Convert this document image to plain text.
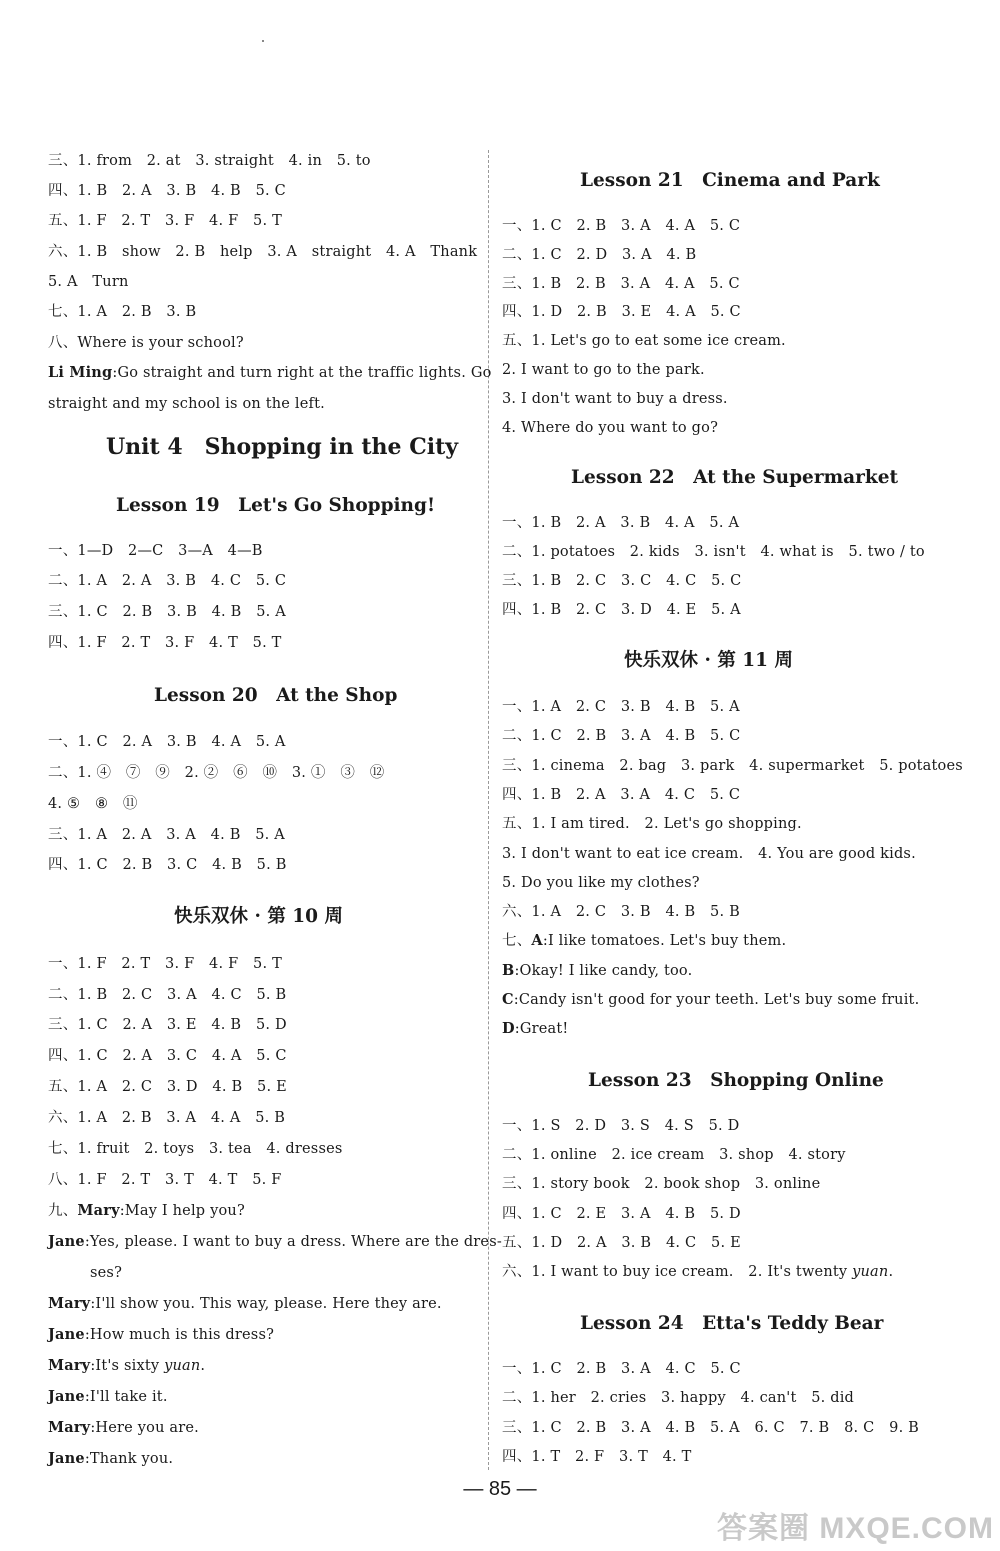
三、1. from　2. at　3. straight　4. in　5. to
四、1. B　2. A　3. B　4. B　5. C
五、1. F　2. T　3. F　4. F　5. T
六、1. B　show　2. B　help　3. A　straight　4. A　Thank
5. A　Turn
七、1. A　2. B　3. B
八、Where is your school?
Li Ming:Go straight and turn right at the traffic lights. Go
straight and my school is on the left.
Unit 4　Shopping in the City
Lesson 19　Let's Go Shopping!
一、1—D　2—C　3—A　4—B
二、1. A　2. A　3. B　4. C　5. C
三、1. C　2. B　3. B　4. B　5. A
四、1. F　2. T　3. F　4. T　5. T
Lesson 20　At the Shop
一、1. C　2. A　3. B　4. A　5. A
二、1. ④　⑦　⑨　2. ②　⑥　⑩　3. ①　③　⑫
4. ⑤　⑧　⑪
三、1. A　2. A　3. A　4. B　5. A
四、1. C　2. B　3. C　4. B　5. B
快乐双休 · 第 10 周
一、1. F　2. T　3. F　4. F　5. T
二、1. B　2. C　3. A　4. C　5. B
三、1. C　2. A　3. E　4. B　5. D
四、1. C　2. A　3. C　4. A　5. C
五、1. A　2. C　3. D　4. B　5. E
六、1. A　2. B　3. A　4. A　5. B
七、1. fruit　2. toys　3. tea　4. dresses
八、1. F　2. T　3. T　4. T　5. F
九、Mary:May I help you?
Jane:Yes, please. I want to buy a dress. Where are the dres-
ses?
Mary:I'll show you. This way, please. Here they are.
Jane:How much is this dress?
Mary:It's sixty yuan.
Jane:I'll take it.
Mary:Here you are.
Jane:Thank you.
Lesson 21　Cinema and Park
一、1. C　2. B　3. A　4. A　5. C
二、1. C　2. D　3. A　4. B
三、1. B　2. B　3. A　4. A　5. C
四、1. D　2. B　3. E　4. A　5. C
五、1. Let's go to eat some ice cream.
2. I want to go to the park.
3. I don't want to buy a dress.
4. Where do you want to go?
Lesson 22　At the Supermarket
一、1. B　2. A　3. B　4. A　5. A
二、1. potatoes　2. kids　3. isn't　4. what is　5. two / to
三、1. B　2. C　3. C　4. C　5. C
四、1. B　2. C　3. D　4. E　5. A
快乐双休 · 第 11 周
一、1. A　2. C　3. B　4. B　5. A
二、1. C　2. B　3. A　4. B　5. C
三、1. cinema　2. bag　3. park　4. supermarket　5. potatoes
四、1. B　2. A　3. A　4. C　5. C
五、1. I am tired.　2. Let's go shopping.
3. I don't want to eat ice cream.　4. You are good kids.
5. Do you like my clothes?
六、1. A　2. C　3. B　4. B　5. B
七、A:I like tomatoes. Let's buy them.
B:Okay! I like candy, too.
C:Candy isn't good for your teeth. Let's buy some fruit.
D:Great!
Lesson 23　Shopping Online
一、1. S　2. D　3. S　4. S　5. D
二、1. online　2. ice cream　3. shop　4. story
三、1. story book　2. book shop　3. online
四、1. C　2. E　3. A　4. B　5. D
五、1. D　2. A　3. B　4. C　5. E
六、1. I want to buy ice cream.　2. It's twenty yuan.
Lesson 24　Etta's Teddy Bear
一、1. C　2. B　3. A　4. C　5. C
二、1. her　2. cries　3. happy　4. can't　5. did
三、1. C　2. B　3. A　4. B　5. A　6. C　7. B　8. C　9. B
四、1. T　2. F　3. T　4. T
— 85 —
答案圈 MXQE.COM
